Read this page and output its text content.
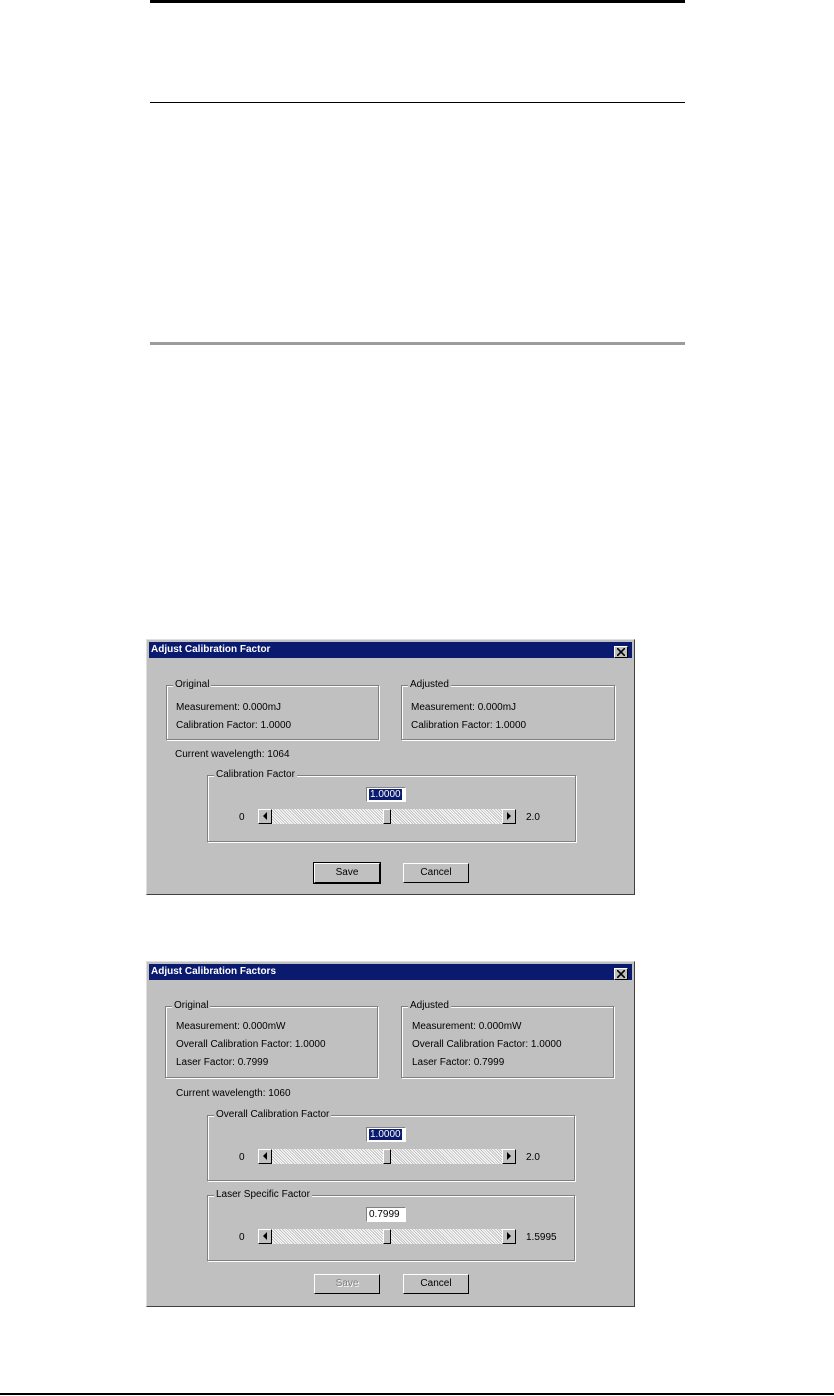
Adjust Calibration Factor
Original
Measurement: 0.000mJ
Calibration Factor: 1.0000
Adjusted
Measurement: 0.000mJ
Calibration Factor: 1.0000
Current wavelength: 1064
Calibration Factor
1.0000
0	2.0
Save	Cancel
Adjust Calibration Factors
Original
Measurement: 0.000mW
Overall Calibration Factor: 1.0000
Laser Factor: 0.7999
Adjusted
Measurement: 0.000mW
Overall Calibration Factor: 1.0000
Laser Factor: 0.7999
Current wavelength: 1060
Overall Calibration Factor
1.0000
0	2.0
Laser Specific Factor
0.7999
0	1.5995
Save	Cancel
